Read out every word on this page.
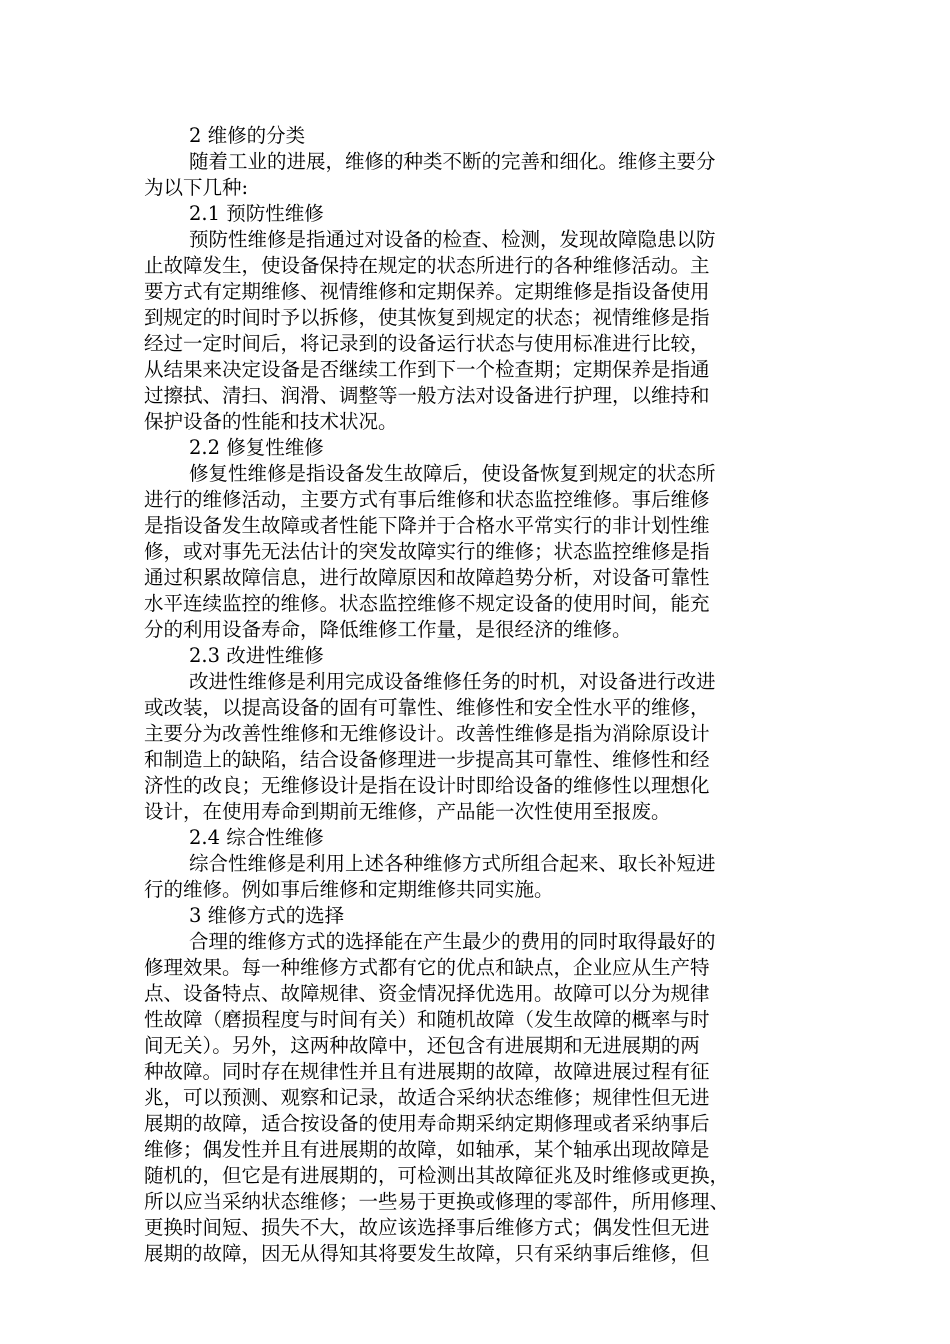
2 维修的分类
随着工业的进展，维修的种类不断的完善和细化。维修主要分
为以下几种:
2.1 预防性维修
预防性维修是指通过对设备的检查、检测，发现故障隐患以防
止故障发生，使设备保持在规定的状态所进行的各种维修活动。主
要方式有定期维修、视情维修和定期保养。定期维修是指设备使用
到规定的时间时予以拆修，使其恢复到规定的状态；视情维修是指
经过一定时间后，将记录到的设备运行状态与使用标准进行比较，
从结果来决定设备是否继续工作到下一个检查期；定期保养是指通
过擦拭、清扫、润滑、调整等一般方法对设备进行护理，以维持和
保护设备的性能和技术状况。
2.2 修复性维修
修复性维修是指设备发生故障后，使设备恢复到规定的状态所
进行的维修活动，主要方式有事后维修和状态监控维修。事后维修
是指设备发生故障或者性能下降并于合格水平常实行的非计划性维
修，或对事先无法估计的突发故障实行的维修；状态监控维修是指
通过积累故障信息，进行故障原因和故障趋势分析，对设备可靠性
水平连续监控的维修。状态监控维修不规定设备的使用时间，能充
分的利用设备寿命，降低维修工作量，是很经济的维修。
2.3 改进性维修
改进性维修是利用完成设备维修任务的时机，对设备进行改进
或改装，以提高设备的固有可靠性、维修性和安全性水平的维修，
主要分为改善性维修和无维修设计。改善性维修是指为消除原设计
和制造上的缺陷，结合设备修理进一步提高其可靠性、维修性和经
济性的改良；无维修设计是指在设计时即给设备的维修性以理想化
设计，在使用寿命到期前无维修，产品能一次性使用至报废。
2.4 综合性维修
综合性维修是利用上述各种维修方式所组合起来、取长补短进
行的维修。例如事后维修和定期维修共同实施。
3 维修方式的选择
合理的维修方式的选择能在产生最少的费用的同时取得最好的
修理效果。每一种维修方式都有它的优点和缺点，企业应从生产特
点、设备特点、故障规律、资金情况择优选用。故障可以分为规律
性故障（磨损程度与时间有关）和随机故障（发生故障的概率与时
间无关）。另外，这两种故障中，还包含有进展期和无进展期的两
种故障。同时存在规律性并且有进展期的故障，故障进展过程有征
兆，可以预测、观察和记录，故适合采纳状态维修；规律性但无进
展期的故障，适合按设备的使用寿命期采纳定期修理或者采纳事后
维修；偶发性并且有进展期的故障，如轴承，某个轴承出现故障是
随机的，但它是有进展期的，可检测出其故障征兆及时维修或更换，
所以应当采纳状态维修；一些易于更换或修理的零部件，所用修理、
更换时间短、损失不大，故应该选择事后维修方式；偶发性但无进
展期的故障，因无从得知其将要发生故障，只有采纳事后维修，但
